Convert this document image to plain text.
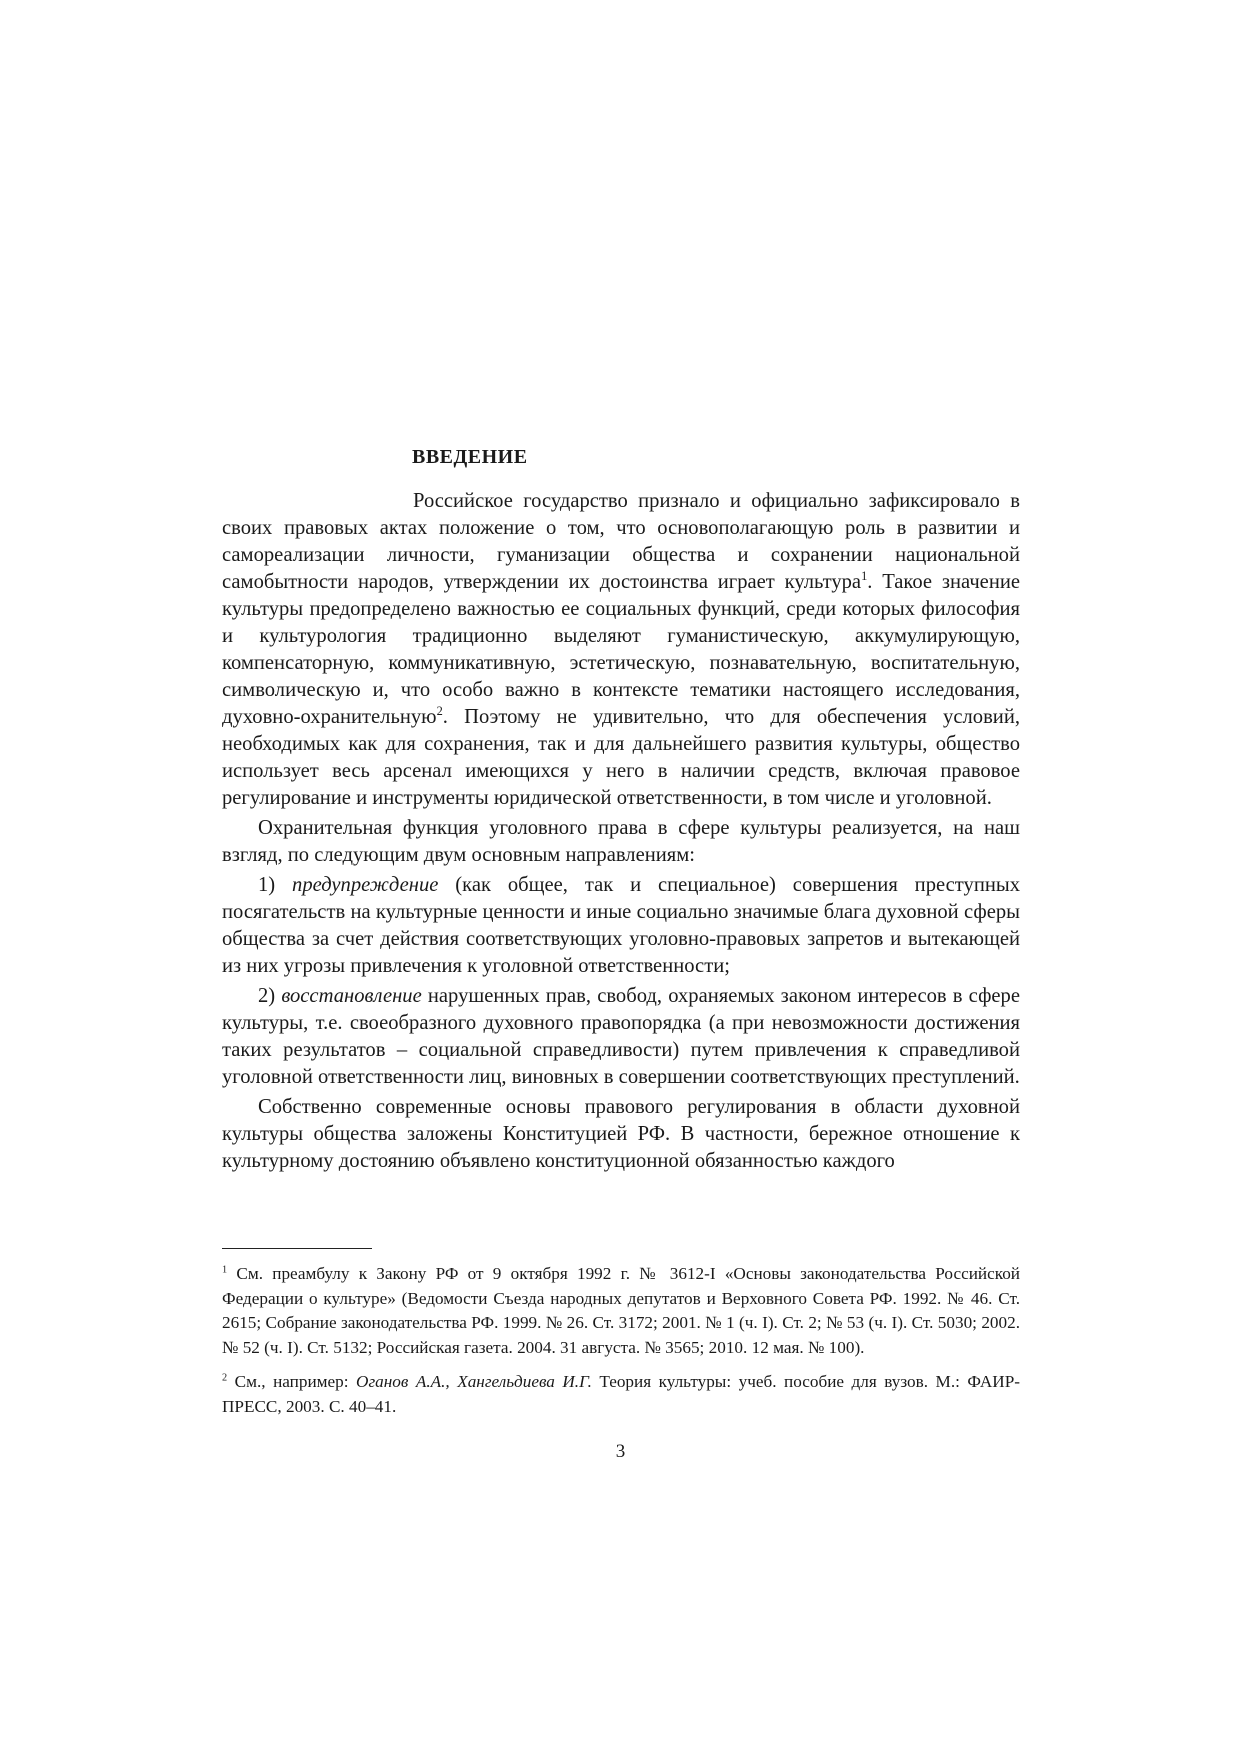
ВВЕДЕНИЕ

Российское государство признало и официально зафиксировало в своих правовых актах положение о том, что основополагающую роль в развитии и самореализации личности, гуманизации общества и сохранении национальной самобытности народов, утверждении их достоинства играет культура$^1$. Такое значение культуры предопределено важностью ее социальных функций, среди которых философия и культурология традиционно выделяют гуманистическую, аккумулирующую, компенсаторную, коммуникативную, эстетическую, познавательную, воспитательную, символическую и, что особо важно в контексте тематики настоящего исследования, духовно-охранительную$^2$. Поэтому не удивительно, что для обеспечения условий, необходимых как для сохранения, так и для дальнейшего развития культуры, общество использует весь арсенал имеющихся у него в наличии средств, включая правовое регулирование и инструменты юридической ответственности, в том числе и уголовной.

Охранительная функция уголовного права в сфере культуры реализуется, на наш взгляд, по следующим двум основным направлениям:

1) предупреждение (как общее, так и специальное) совершения преступных посягательств на культурные ценности и иные социально значимые блага духовной сферы общества за счет действия соответствующих уголовно-правовых запретов и вытекающей из них угрозы привлечения к уголовной ответственности;

2) восстановление нарушенных прав, свобод, охраняемых законом интересов в сфере культуры, т.е. своеобразного духовного правопорядка (а при невозможности достижения таких результатов – социальной справедливости) путем привлечения к справедливой уголовной ответственности лиц, виновных в совершении соответствующих преступлений.

Собственно современные основы правового регулирования в области духовной культуры общества заложены Конституцией РФ. В частности, бережное отношение к культурному достоянию объявлено конституционной обязанностью каждого

$^1$ См. преамбулу к Закону РФ от 9 октября 1992 г. № 3612-I «Основы законодательства Российской Федерации о культуре» (Ведомости Съезда народных депутатов и Верховного Совета РФ. 1992. № 46. Ст. 2615; Собрание законодательства РФ. 1999. № 26. Ст. 3172; 2001. № 1 (ч. I). Ст. 2; № 53 (ч. I). Ст. 5030; 2002. № 52 (ч. I). Ст. 5132; Российская газета. 2004. 31 августа. № 3565; 2010. 12 мая. № 100).

$^2$ См., например: Оганов А.А., Хангельдиева И.Г. Теория культуры: учеб. пособие для вузов. М.: ФАИР-ПРЕСС, 2003. С. 40–41.

3
